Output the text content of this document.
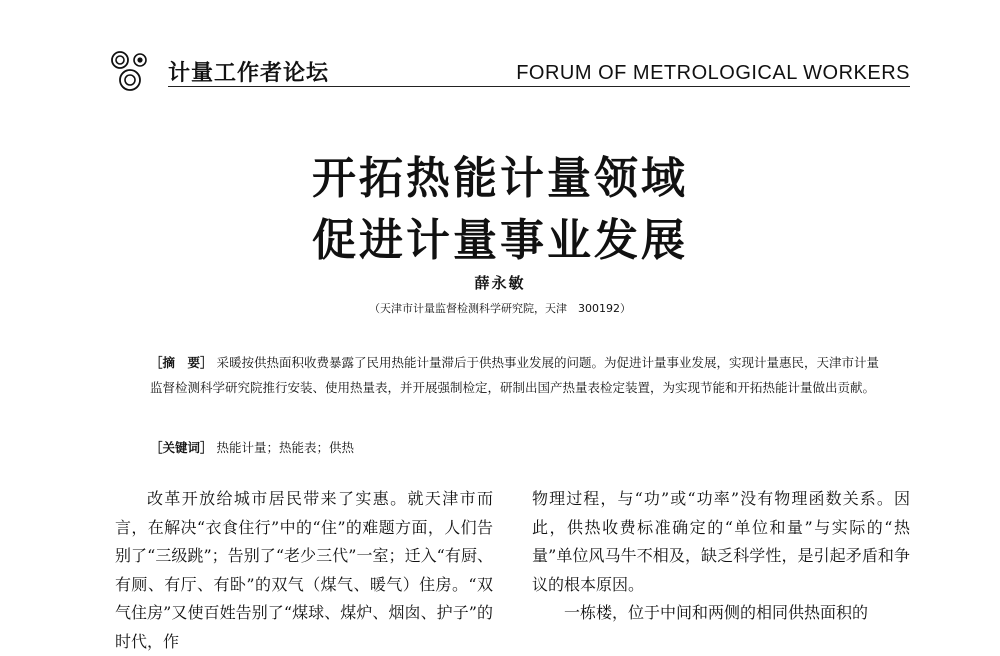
计量工作者论坛	FORUM OF METROLOGICAL WORKERS
开拓热能计量领域
促进计量事业发展
薛永敏
（天津市计量监督检测科学研究院，天津　300192）
［摘　要］ 采暖按供热面积收费暴露了民用热能计量滞后于供热事业发展的问题。为促进计量事业发展，实现计量惠民，天津市计量监督检测科学研究院推行安装、使用热量表，并开展强制检定，研制出国产热量表检定装置，为实现节能和开拓热能计量做出贡献。
［关键词］ 热能计量；热能表；供热

改革开放给城市居民带来了实惠。就天津市而言，在解决“衣食住行”中的“住”的难题方面，人们告别了“三级跳”；告别了“老少三代”一室；迁入“有厨、有厕、有厅、有卧”的双气（煤气、暖气）住房。“双气住房”又使百姓告别了“煤球、煤炉、烟囱、护子”的时代，作

物理过程，与“功”或“功率”没有物理函数关系。因此，供热收费标准确定的“单位和量”与实际的“热量”单位风马牛不相及，缺乏科学性，是引起矛盾和争议的根本原因。

一栋楼，位于中间和两侧的相同供热面积的
